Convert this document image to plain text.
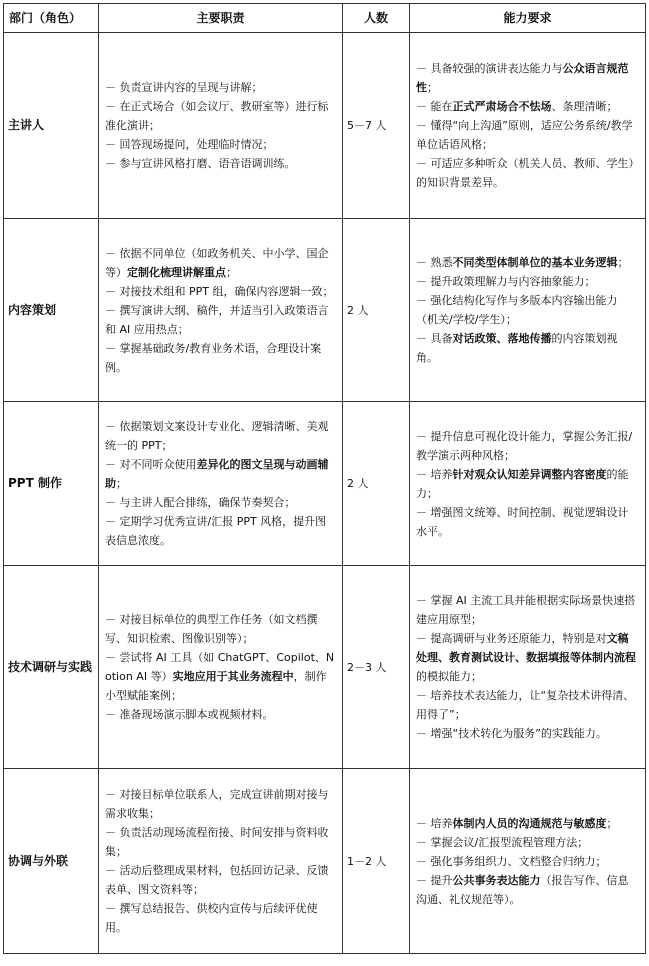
部门（角色）	主要职责	人数	能力要求
主讲人	－ 负责宣讲内容的呈现与讲解；
－ 在正式场合（如会议厅、教研室等）进行标准化演讲；
－ 回答现场提问，处理临时情况；
－ 参与宣讲风格打磨、语音语调训练。	5－7 人	－ 具备较强的演讲表达能力与公众语言规范性；
－ 能在正式严肃场合不怯场、条理清晰；
－ 懂得“向上沟通”原则，适应公务系统/教学单位话语风格；
－ 可适应多种听众（机关人员、教师、学生）的知识背景差异。

内容策划	－ 依据不同单位（如政务机关、中小学、国企等）定制化梳理讲解重点；
－ 对接技术组和 PPT 组，确保内容逻辑一致；
－ 撰写演讲大纲、稿件，并适当引入政策语言和 AI 应用热点；
－ 掌握基础政务/教育业务术语，合理设计案例。	2 人	－ 熟悉不同类型体制单位的基本业务逻辑；
－ 提升政策理解力与内容抽象能力；
－ 强化结构化写作与多版本内容输出能力（机关/学校/学生）；
－ 具备对话政策、落地传播的内容策划视角。

PPT 制作	－ 依据策划文案设计专业化、逻辑清晰、美观统一的 PPT；
－ 对不同听众使用差异化的图文呈现与动画辅助；
－ 与主讲人配合排练，确保节奏契合；
－ 定期学习优秀宣讲/汇报 PPT 风格，提升图表信息浓度。	2 人	－ 提升信息可视化设计能力，掌握公务汇报/教学演示两种风格；
－ 培养针对观众认知差异调整内容密度的能力；
－ 增强图文统筹、时间控制、视觉逻辑设计水平。

技术调研与实践	－ 对接目标单位的典型工作任务（如文档撰写、知识检索、图像识别等）；
－ 尝试将 AI 工具（如 ChatGPT、Copilot、Notion AI 等）实地应用于其业务流程中，制作小型赋能案例；
－ 准备现场演示脚本或视频材料。	2－3 人	－ 掌握 AI 主流工具并能根据实际场景快速搭建应用原型；
－ 提高调研与业务还原能力，特别是对文稿处理、教育测试设计、数据填报等体制内流程的模拟能力；
－ 培养技术表达能力，让“复杂技术讲得清、用得了”；
－ 增强“技术转化为服务”的实践能力。

协调与外联	－ 对接目标单位联系人，完成宣讲前期对接与需求收集；
－ 负责活动现场流程衔接、时间安排与资料收集；
－ 活动后整理成果材料，包括回访记录、反馈表单、图文资料等；
－ 撰写总结报告、供校内宣传与后续评优使用。	1－2 人	－ 培养体制内人员的沟通规范与敏感度；
－ 掌握会议/汇报型流程管理方法；
－ 强化事务组织力、文档整合归纳力；
－ 提升公共事务表达能力（报告写作、信息沟通、礼仪规范等）。
